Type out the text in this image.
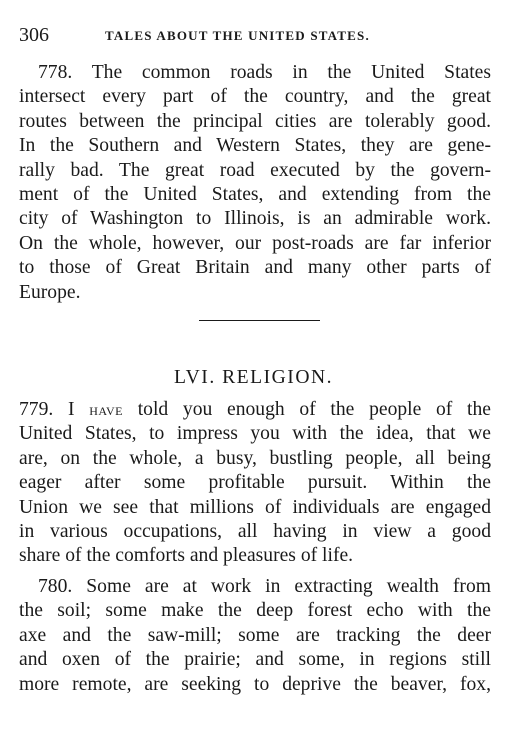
306	TALES ABOUT THE UNITED STATES.
778. The common roads in the United States
intersect every part of the country, and the great
routes between the principal cities are tolerably good.
In the Southern and Western States, they are gene-
rally bad. The great road executed by the govern-
ment of the United States, and extending from the
city of Washington to Illinois, is an admirable work.
On the whole, however, our post-roads are far inferior
to those of Great Britain and many other parts of
Europe.
LVI. RELIGION.
779. I have told you enough of the people of the
United States, to impress you with the idea, that we
are, on the whole, a busy, bustling people, all being
eager after some profitable pursuit. Within the
Union we see that millions of individuals are engaged
in various occupations, all having in view a good
share of the comforts and pleasures of life.
780. Some are at work in extracting wealth from
the soil; some make the deep forest echo with the
axe and the saw-mill; some are tracking the deer
and oxen of the prairie; and some, in regions still
more remote, are seeking to deprive the beaver, fox,
